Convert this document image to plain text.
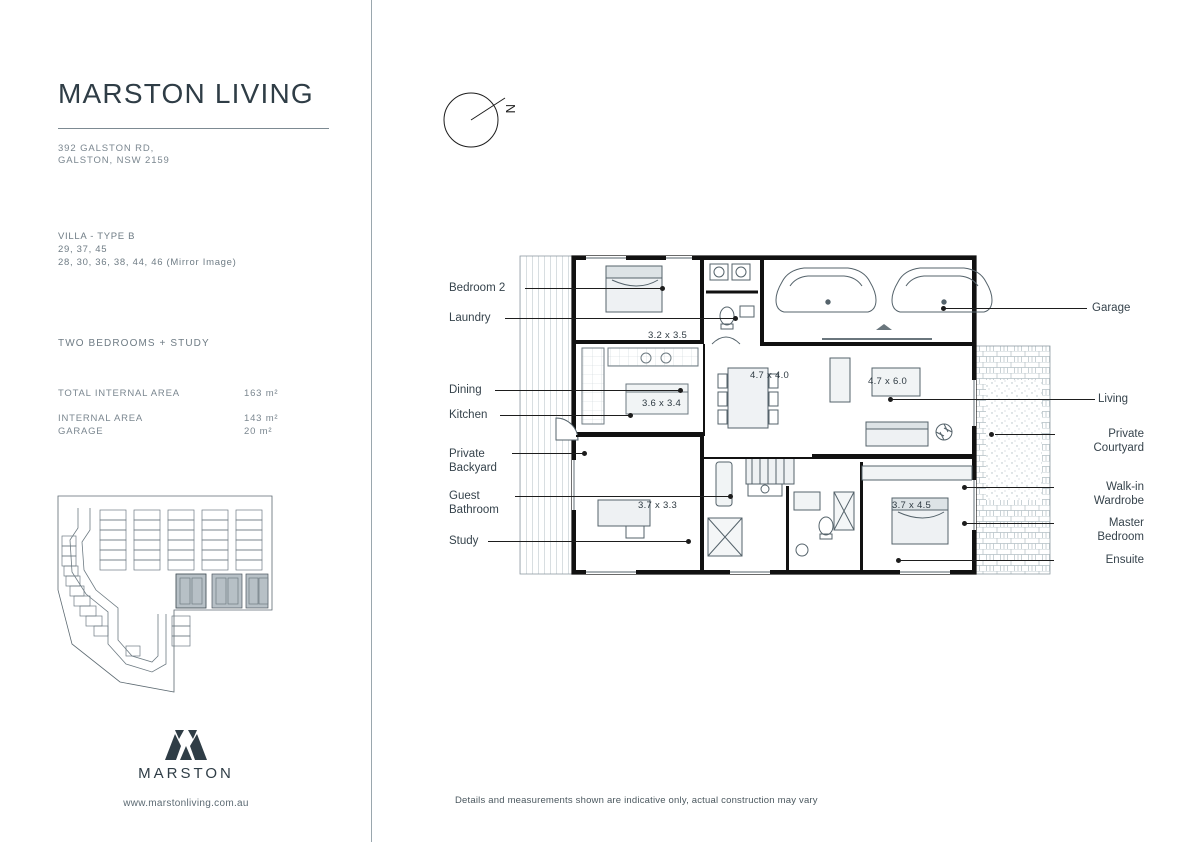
MARSTON LIVING
392 GALSTON RD,
GALSTON, NSW 2159
VILLA - TYPE B
29, 37, 45
28, 30, 36, 38, 44, 46 (Mirror Image)
TWO BEDROOMS + STUDY
TOTAL INTERNAL AREA	163 m²
INTERNAL AREA	143 m²
GARAGE	20 m²
MARSTON
www.marstonliving.com.au
N
3.2 x 3.5
4.7 x 4.0
4.7 x 6.0
3.6 x 3.4
3.7 x 3.3	3.7 x 4.5
Bedroom 2
Laundry
Dining
Kitchen
Private
Backyard
Guest
Bathroom
Study
Garage
Living
Private
Courtyard
Walk-in
Wardrobe
Master
Bedroom
Ensuite
Details and measurements shown are indicative only, actual construction may vary
